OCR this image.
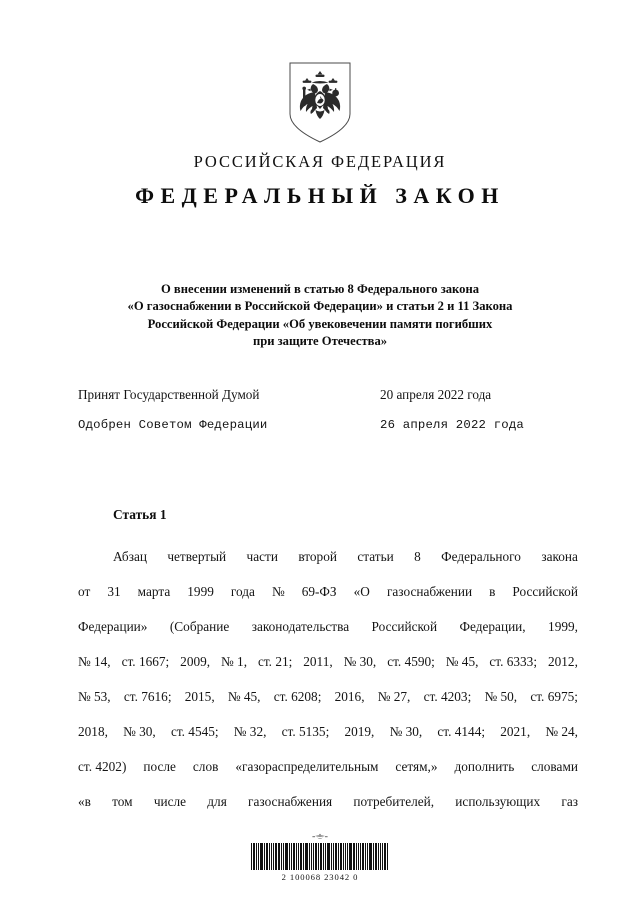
РОССИЙСКАЯ ФЕДЕРАЦИЯ
ФЕДЕРАЛЬНЫЙ ЗАКОН
О внесении изменений в статью 8 Федерального закона
«О газоснабжении в Российской Федерации» и статьи 2 и 11 Закона
Российской Федерации «Об увековечении памяти погибших
при защите Отечества»
Принят Государственной Думой	20 апреля 2022 года
Одобрен Советом Федерации	26 апреля 2022 года
Статья 1
Абзац четвертый части второй статьи 8 Федерального закона
от 31 марта 1999 года № 69-ФЗ «О газоснабжении в Российской
Федерации» (Собрание законодательства Российской Федерации, 1999,
№ 14, ст. 1667; 2009, № 1, ст. 21; 2011, № 30, ст. 4590; № 45, ст. 6333; 2012,
№ 53, ст. 7616; 2015, № 45, ст. 6208; 2016, № 27, ст. 4203; № 50, ст. 6975;
2018, № 30, ст. 4545; № 32, ст. 5135; 2019, № 30, ст. 4144; 2021, № 24,
ст. 4202) после слов «газораспределительным сетям,» дополнить словами
«в том числе для газоснабжения потребителей, использующих газ
2 100068 23042 0
